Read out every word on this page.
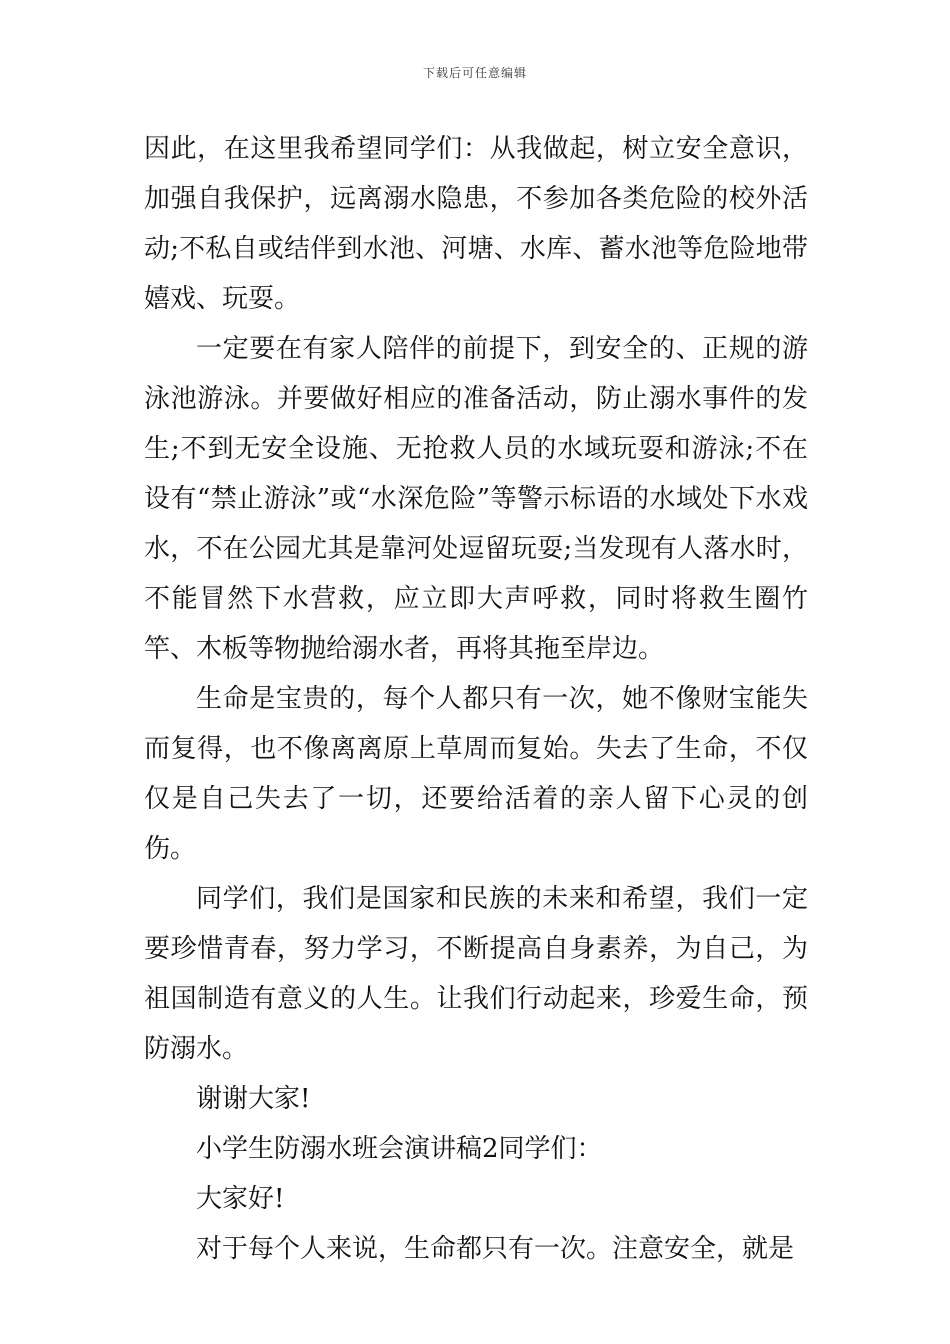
下载后可任意编辑

因此，在这里我希望同学们：从我做起，树立安全意识，加强自我保护，远离溺水隐患，不参加各类危险的校外活动;不私自或结伴到水池、河塘、水库、蓄水池等危险地带嬉戏、玩耍。

一定要在有家人陪伴的前提下，到安全的、正规的游泳池游泳。并要做好相应的准备活动，防止溺水事件的发生;不到无安全设施、无抢救人员的水域玩耍和游泳;不在设有“禁止游泳”或“水深危险”等警示标语的水域处下水戏水，不在公园尤其是靠河处逗留玩耍;当发现有人落水时，不能冒然下水营救，应立即大声呼救，同时将救生圈竹竿、木板等物抛给溺水者，再将其拖至岸边。

生命是宝贵的，每个人都只有一次，她不像财宝能失而复得，也不像离离原上草周而复始。失去了生命，不仅仅是自己失去了一切，还要给活着的亲人留下心灵的创伤。

同学们，我们是国家和民族的未来和希望，我们一定要珍惜青春，努力学习，不断提高自身素养，为自己，为祖国制造有意义的人生。让我们行动起来，珍爱生命，预防溺水。

谢谢大家!

小学生防溺水班会演讲稿2同学们：

大家好!

对于每个人来说，生命都只有一次。注意安全，就是
